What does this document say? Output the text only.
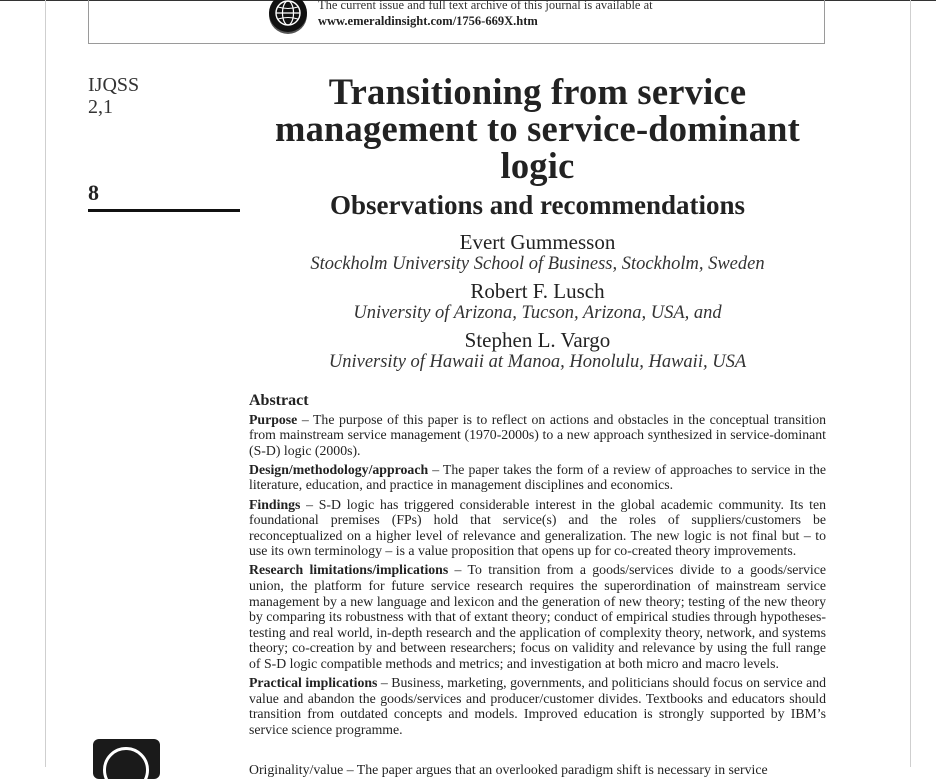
The current issue and full text archive of this journal is available at
www.emeraldinsight.com/1756-669X.htm
IJQSS
2,1
8
Transitioning from service
management to service-dominant
logic
Observations and recommendations
Evert Gummesson
Stockholm University School of Business, Stockholm, Sweden
Robert F. Lusch
University of Arizona, Tucson, Arizona, USA, and
Stephen L. Vargo
University of Hawaii at Manoa, Honolulu, Hawaii, USA
Abstract

Purpose – The purpose of this paper is to reflect on actions and obstacles in the conceptual transition from mainstream service management (1970-2000s) to a new approach synthesized in service-dominant (S-D) logic (2000s).

Design/methodology/approach – The paper takes the form of a review of approaches to service in the literature, education, and practice in management disciplines and economics.

Findings – S-D logic has triggered considerable interest in the global academic community. Its ten foundational premises (FPs) hold that service(s) and the roles of suppliers/customers be reconceptualized on a higher level of relevance and generalization. The new logic is not final but – to use its own terminology – is a value proposition that opens up for co-created theory improvements.

Research limitations/implications – To transition from a goods/services divide to a goods/service union, the platform for future service research requires the superordination of mainstream service management by a new language and lexicon and the generation of new theory; testing of the new theory by comparing its robustness with that of extant theory; conduct of empirical studies through hypotheses-testing and real world, in-depth research and the application of complexity theory, network, and systems theory; co-creation by and between researchers; focus on validity and relevance by using the full range of S-D logic compatible methods and metrics; and investigation at both micro and macro levels.

Practical implications – Business, marketing, governments, and politicians should focus on service and value and abandon the goods/services and producer/customer divides. Textbooks and educators should transition from outdated concepts and models. Improved education is strongly supported by IBM’s service science programme.

Originality/value – The paper argues that an overlooked paradigm shift is necessary in service
